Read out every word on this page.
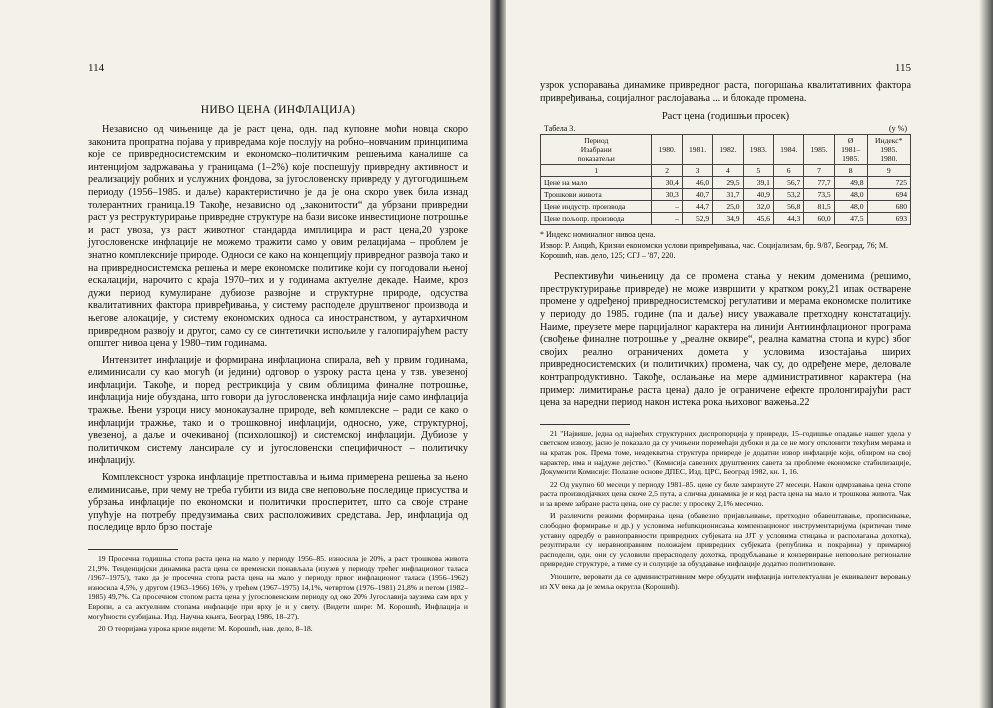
114
НИВО ЦЕНА (ИНФЛАЦИЈА)

Независно од чињенице да је раст цена, одн. пад куповне моћи новца скоро законита пропратна појава у привредама које послују на робно–новчаним принципима које се привредносистемским и економско–политичким решењима каналише са интенцијом задржавања у границама (1–2%) које поспешују привредну активност и реализацију робних и услужних фондова, за југословенску привреду у дугогодишњем периоду (1956–1985. и даље) карактеристично је да је она скоро увек била изнад толерантних граница.19 Такође, независно од „законитости“ да убрзани привредни раст уз реструктурирање привредне структуре на бази високе инвестиционе потрошње и раст увоза, уз раст животног стандарда имплицира и раст цена,20 узроке југословенске инфлације не можемо тражити само у овим релацијама – проблем је знатно комплексније природе. Односи се како на концепцију привредног развоја тако и на привредносистемска решења и мере економске политике који су погодовали њеној ескалацији, нарочито с краја 1970–тих и у годинама актуелне декаде. Наиме, кроз дужи период кумулиране дубиозе развојне и структурне природе, одсуства квалитативних фактора привређивања, у систему расподеле друштвеног производа и његове алокације, у систему економских односа са иностранством, у аутархичном привредном развоју и другог, само су се синтетички испољиле у галопирајућем расту општег нивоа цена у 1980–тим годинама.

Интензитет инфлације и формирана инфлациона спирала, већ у првим годинама, елиминисали су као могућ (и једини) одговор о узроку раста цена у тзв. увезеној инфлацији. Такође, и поред рестрикција у свим облицима финалне потрошње, инфлација није обуздана, што говори да југословенска инфлација није само инфлација тражње. Њени узроци нису монокаузалне природе, већ комплексне – ради се како о инфлацији тражње, тако и о трошковној инфлацији, односно, уже, структурној, увезеној, а даље и очекиваној (психолошкој) и системској инфлацији. Дубиозе у политичком систему лансирале су и југословенски специфичност – политичку инфлацију.

Комплексност узрока инфлације претпоставља и њима примерена решења за њено елиминисање, при чему не треба губити из вида све неповољне последице присуства и убрзања инфлације по економски и политички просперитет, што са своје стране упућује на потребу предузимања свих расположивих средстава. Јер, инфлација од последице врло брзо постаје

19 Просечна годишња стопа раста цена на мало у периоду 1956–85. износила је 20%, а раст трошкова живота 21,9%. Тенденцијски динамика раста цена се временски понављала (изузев у периоду трећег инфлационог таласа /1967–1975/), тако да је просечна стопа раста цена на мало у периоду првог инфлационог таласа (1956–1962) износила 4,5%, у другом (1963–1966) 16%, у трећем (1967–1975) 14,1%, четвртом (1976–1981) 21,8% и петом (1982–1985) 49,7%. Са просечном стопом раста цена у југословенским периоду од око 20% Југославија заузима сам врх у Европи, а са актуелним стопама инфлације при врху је и у свету. (Видети шире: М. Корошић, Инфлација и могућности сузбијања. Изд. Научна књига, Београд 1986, 18–27).
20 О теоријама узрока кризе видети: М. Корошић, нав. дело, 8–18.
115

узрок успоравања динамике привредног раста, погоршања квалитативних фактора привређивања, социјалног раслојавања ... и блокаде промена.

Раст цена (годишњи просек)
Табела 3.	(у %)
Период
Изабрани
показатељи	1980.	1981.	1982.	1983.	1984.	1985.	Ø
1981–
1985.	Индекс*
1985.
1980.
1	2	3	4	5	6	7	8	9
Цене на мало	30,4	46,0	29,5	39,1	56,7	77,7	49,8	725
Трошкови живота	30,3	40,7	31,7	40,9	53,2	73,5	48,0	694
Цене индустр. производа	–	44,7	25,0	32,0	56,8	81,5	48,0	680
Цене пољопр. производа	–	52,9	34,9	45,6	44,3	60,0	47,5	693
* Индекс номиналног нивоа цена.
Извор: Р. Анцић, Кризни економски услови привређивања, час. Социјализам, бр. 9/87, Београд, 76; М. Корошић, нав. дело, 125; СГЈ – '87, 220.

Респективући чињеницу да се промена стања у неким доменима (решимо, преструктурирање привреде) не може извршити у кратком року,21 ипак остварене промене у одређеној привредносистемској регулативи и мерама економске политике у периоду до 1985. године (па и даље) нису уважавале претходну констатацију. Наиме, преузете мере парцијалног карактера на линији Антиинфлационог програма (свођење финалне потрошње у „реалне оквире“, реална каматна стопа и курс) због својих реално ограничених домета у условима изостајања ширих привредносистемских (и политичких) промена, чак су, до одређене мере, деловале контрапродуктивно. Такође, ослањање на мере административног карактера (на пример: лимитирање раста цена) дало је ограничене ефекте пролонгирајући раст цена за наредни период након истека рока њиховог важења.22

21 "Највише, једна од највећих структурних диспропорција у привреди, 15–годишње опадање нашег удела у светском извозу, јасно је показало да су учињени поремећаји дубоки и да се не могу отклонити текућим мерама и на кратак рок. Према томе, неадекватна структура привреде је додатни извор инфлације који, обзиром на свој карактер, има и најдуже дејство." (Комисија савезних друштвених савета за проблеме економске стабилизације, Документи Комисије: Полазне основе ДПЕС, Изд. ЦРС, Београд 1982, кн. 1, 16.
22 Од укупно 60 месеци у периоду 1981–85. цене су биле замрзнуте 27 месеци. Након одмрзавања цена стопе раста производјачких цена скоче 2,5 пута, а слична динамика је и код раста цена на мало и трошкова живота. Чак и за време забране раста цена, оне су расле: у просеку 2,1% месечно.
И различити режими формирања цена (обавезно пријављивање, претходно обавештавање, прописивање, слободно формирање и др.) у условима неfunкционисања компензационог инструментаријума (критичан тиме уставну одредбу о равноправности привредних субјеката на ЈЈТ у условима стицања и располагања дохотка), резултирали су неравноправним положајем привредних субјеката (република и покрајина) у примарној расподели, одн. они су условили прерасподелу дохотка, продубљавање и конзервирање неповољне регионалне привредне структуре, а тиме су и солуције за обуздавање инфлације додатно политизоване.
Упошите, веровати да се административним мере обуздати инфлација интелектуални је еквивалент веровању из XV века да је земља округла (Корошић).
